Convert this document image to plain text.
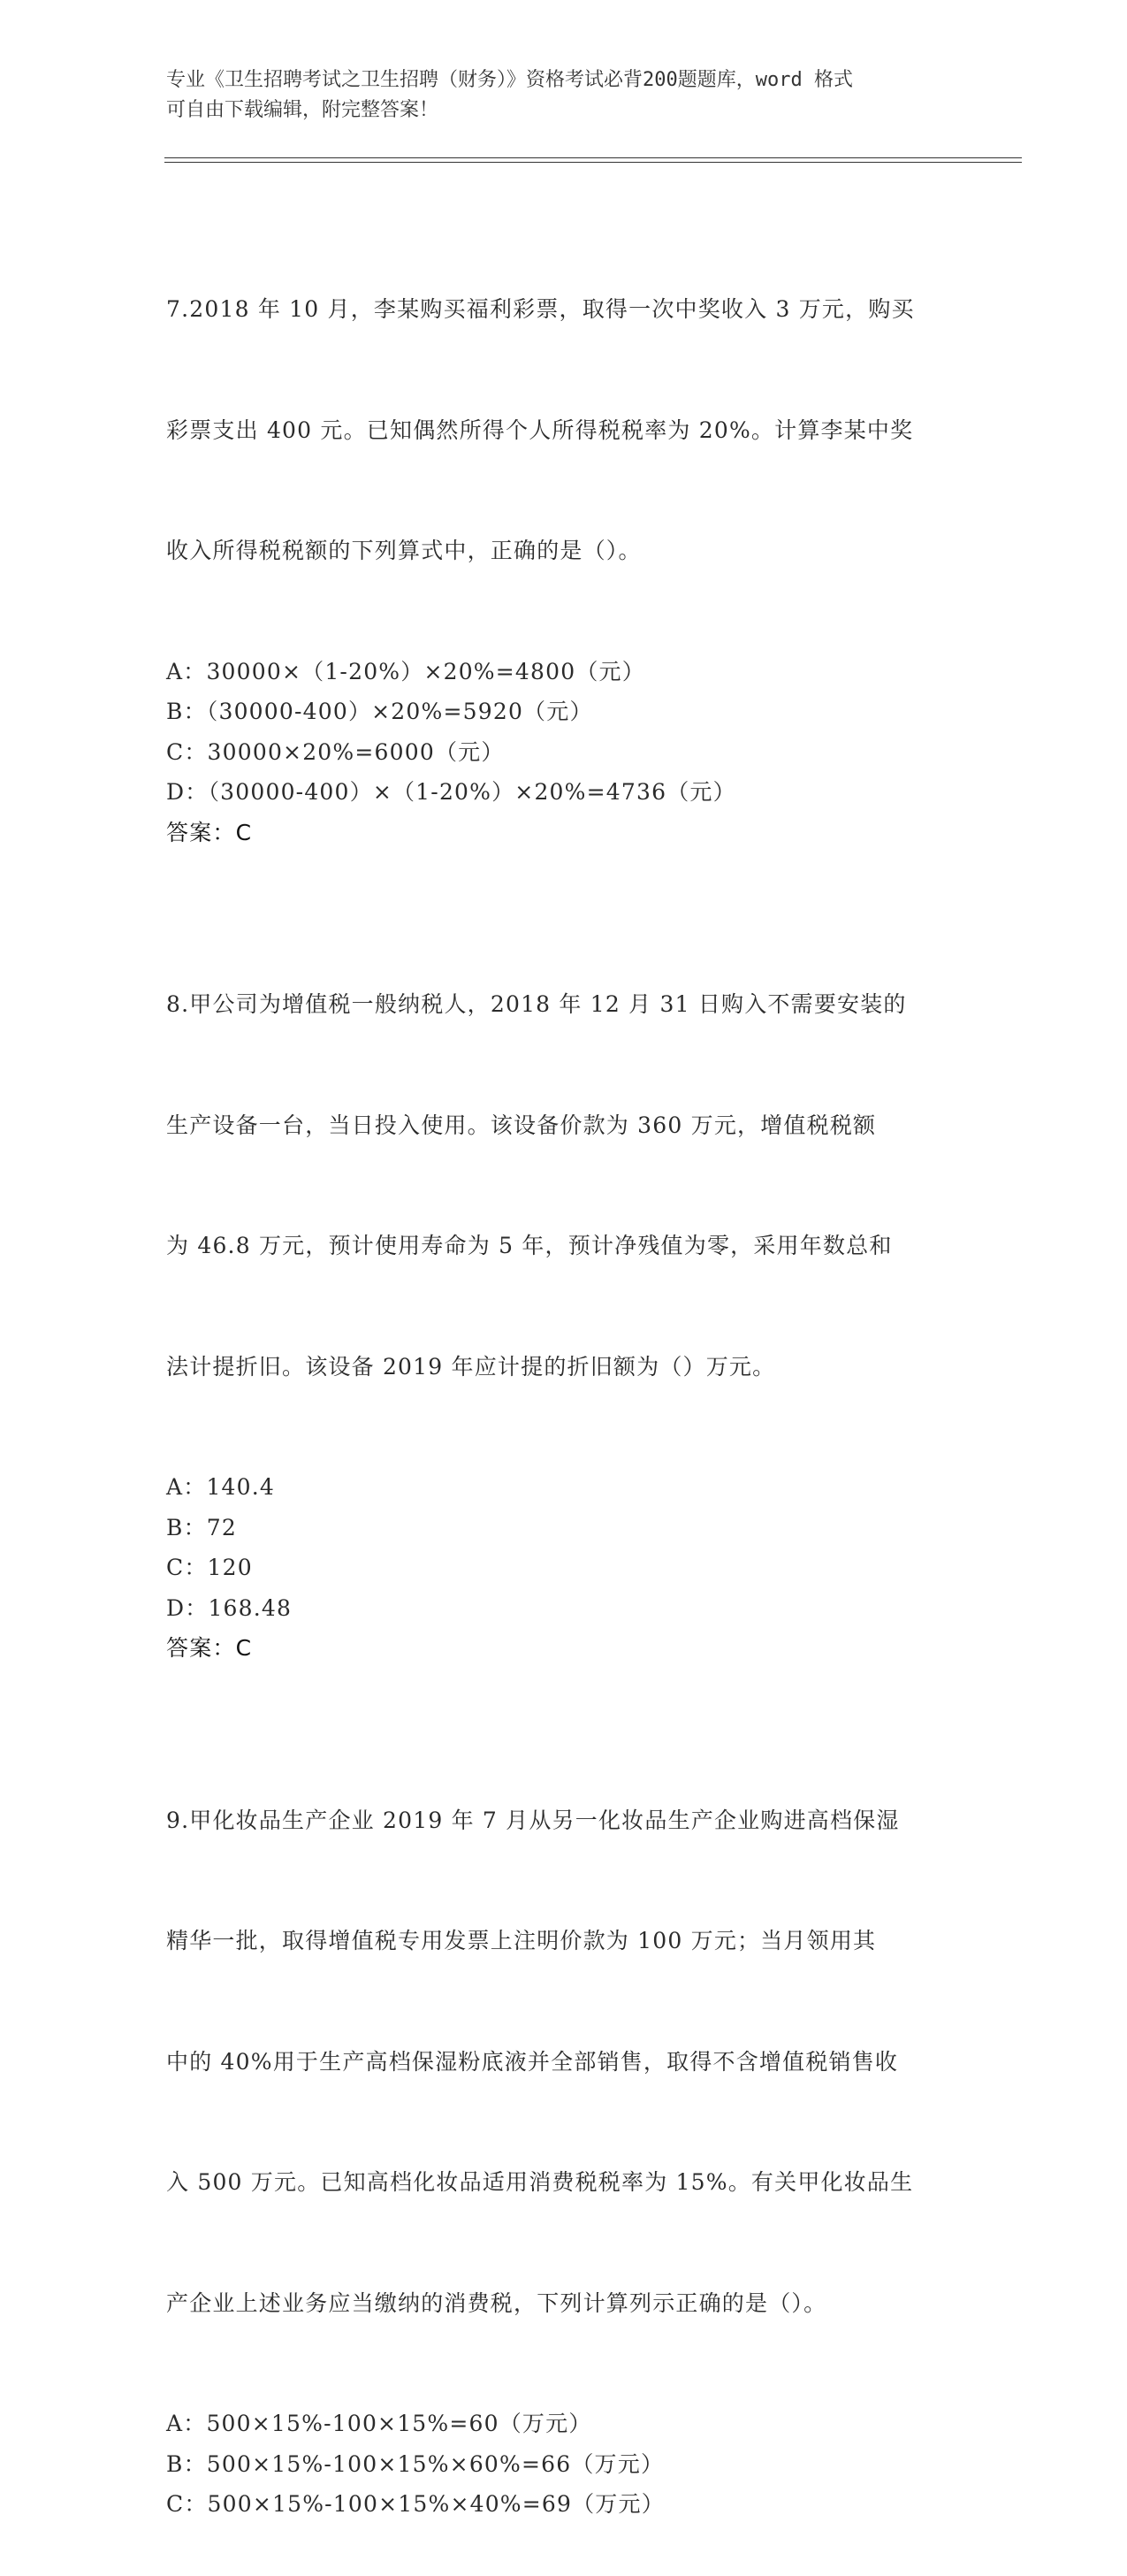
专业《卫生招聘考试之卫生招聘（财务）》资格考试必背200题题库，word 格式
可自由下载编辑，附完整答案！

7.2018 年 10 月，李某购买福利彩票，取得一次中奖收入 3 万元，购买

彩票支出 400 元。已知偶然所得个人所得税税率为 20%。计算李某中奖

收入所得税税额的下列算式中，正确的是（）。

A：30000×（1-20%）×20%=4800（元）
B：（30000-400）×20%=5920（元）
C：30000×20%=6000（元）
D：（30000-400）×（1-20%）×20%=4736（元）
答案：C

8.甲公司为增值税一般纳税人，2018 年 12 月 31 日购入不需要安装的

生产设备一台，当日投入使用。该设备价款为 360 万元，增值税税额

为 46.8 万元，预计使用寿命为 5 年，预计净残值为零，采用年数总和

法计提折旧。该设备 2019 年应计提的折旧额为（）万元。

A：140.4
B：72
C：120
D：168.48
答案：C

9.甲化妆品生产企业 2019 年 7 月从另一化妆品生产企业购进高档保湿

精华一批，取得增值税专用发票上注明价款为 100 万元；当月领用其

中的 40%用于生产高档保湿粉底液并全部销售，取得不含增值税销售收

入 500 万元。已知高档化妆品适用消费税税率为 15%。有关甲化妆品生

产企业上述业务应当缴纳的消费税，下列计算列示正确的是（）。

A：500×15%-100×15%=60（万元）
B：500×15%-100×15%×60%=66（万元）
C：500×15%-100×15%×40%=69（万元）
